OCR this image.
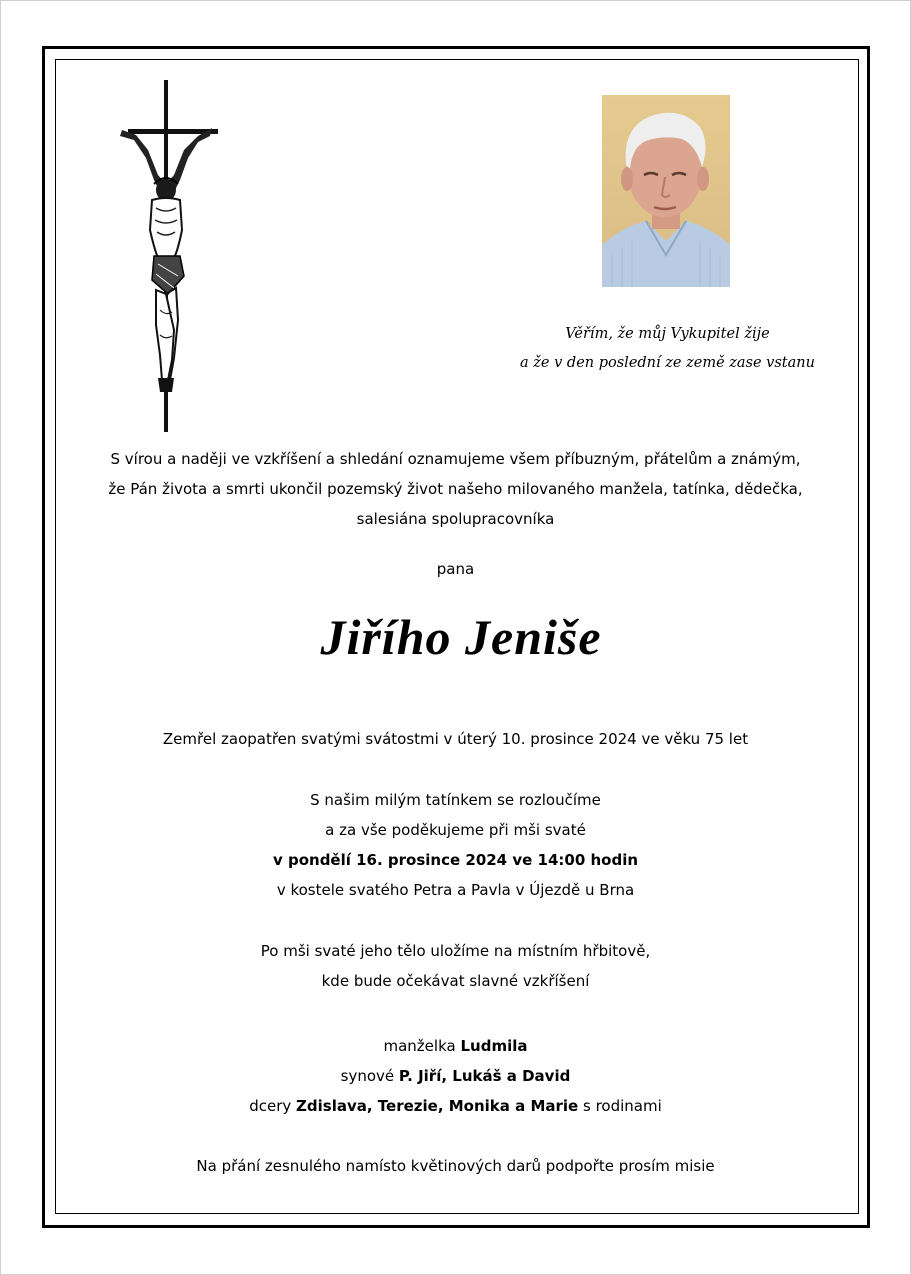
Věřím, že můj Vykupitel žije
a že v den poslední ze země zase vstanu
S vírou a naději ve vzkříšení a shledání oznamujeme všem příbuzným, přátelům a známým,
že Pán života a smrti ukončil pozemský život našeho milovaného manžela, tatínka, dědečka,
salesiána spolupracovníka
pana
Jiřího Jeniše
Zemřel zaopatřen svatými svátostmi v úterý 10. prosince 2024 ve věku 75 let
S našim milým tatínkem se rozloučíme
a za vše poděkujeme při mši svaté
v pondělí 16. prosince 2024 ve 14:00 hodin
v kostele svatého Petra a Pavla v Újezdě u Brna
Po mši svaté jeho tělo uložíme na místním hřbitově,
kde bude očekávat slavné vzkříšení
manželka Ludmila
synové P. Jiří, Lukáš a David
dcery Zdislava, Terezie, Monika a Marie s rodinami
Na přání zesnulého namísto květinových darů podpořte prosím misie
